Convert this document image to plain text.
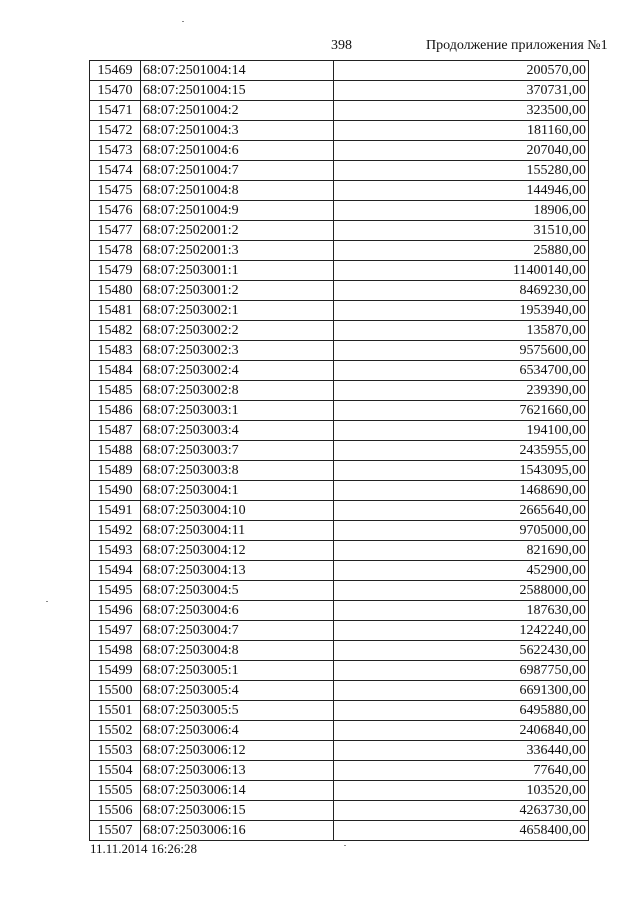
398	Продолжение приложения №1
15469	68:07:2501004:14	200570,00
15470	68:07:2501004:15	370731,00
15471	68:07:2501004:2	323500,00
15472	68:07:2501004:3	181160,00
15473	68:07:2501004:6	207040,00
15474	68:07:2501004:7	155280,00
15475	68:07:2501004:8	144946,00
15476	68:07:2501004:9	18906,00
15477	68:07:2502001:2	31510,00
15478	68:07:2502001:3	25880,00
15479	68:07:2503001:1	11400140,00
15480	68:07:2503001:2	8469230,00
15481	68:07:2503002:1	1953940,00
15482	68:07:2503002:2	135870,00
15483	68:07:2503002:3	9575600,00
15484	68:07:2503002:4	6534700,00
15485	68:07:2503002:8	239390,00
15486	68:07:2503003:1	7621660,00
15487	68:07:2503003:4	194100,00
15488	68:07:2503003:7	2435955,00
15489	68:07:2503003:8	1543095,00
15490	68:07:2503004:1	1468690,00
15491	68:07:2503004:10	2665640,00
15492	68:07:2503004:11	9705000,00
15493	68:07:2503004:12	821690,00
15494	68:07:2503004:13	452900,00
15495	68:07:2503004:5	2588000,00
15496	68:07:2503004:6	187630,00
15497	68:07:2503004:7	1242240,00
15498	68:07:2503004:8	5622430,00
15499	68:07:2503005:1	6987750,00
15500	68:07:2503005:4	6691300,00
15501	68:07:2503005:5	6495880,00
15502	68:07:2503006:4	2406840,00
15503	68:07:2503006:12	336440,00
15504	68:07:2503006:13	77640,00
15505	68:07:2503006:14	103520,00
15506	68:07:2503006:15	4263730,00
15507	68:07:2503006:16	4658400,00
11.11.2014 16:26:28
